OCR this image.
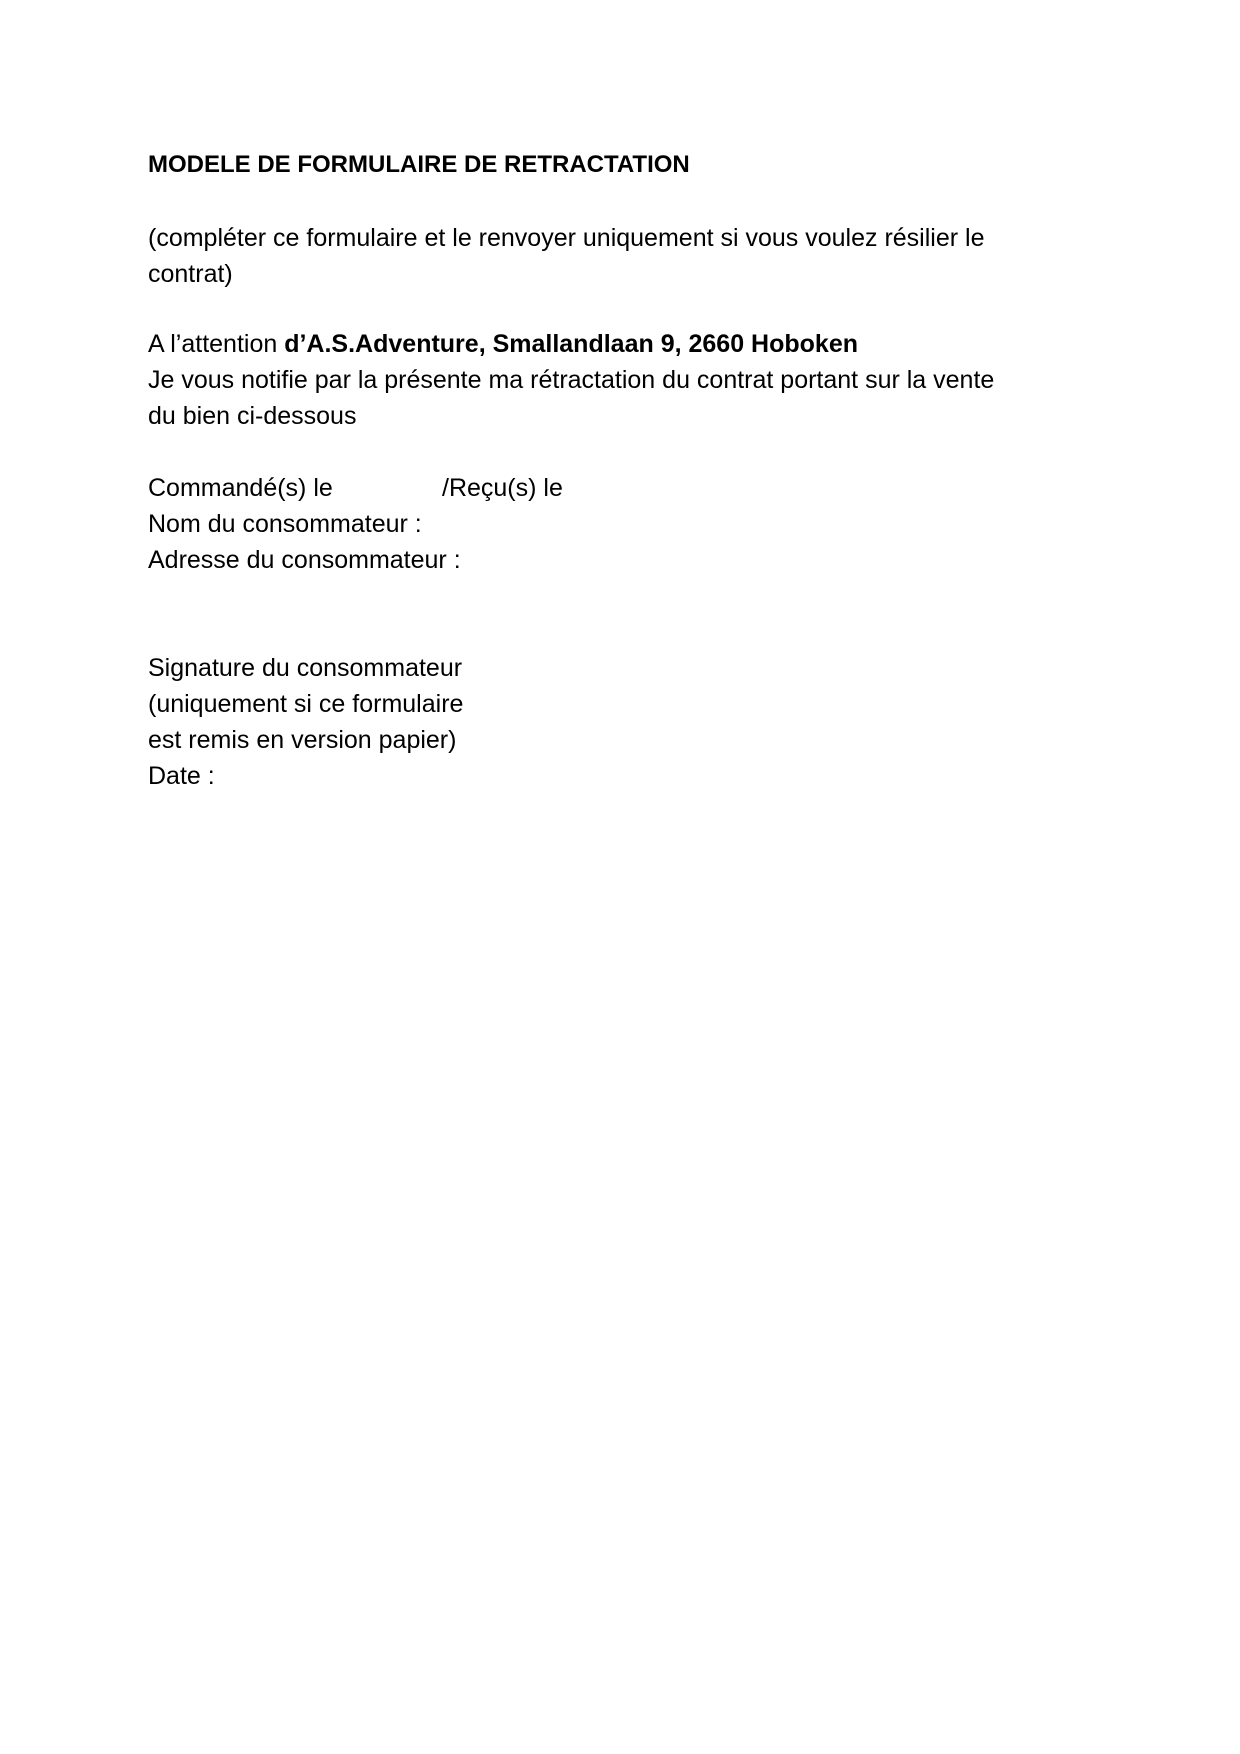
MODELE DE FORMULAIRE DE RETRACTATION
(compléter ce formulaire et le renvoyer uniquement si vous voulez résilier le
contrat)
A l’attention d’A.S.Adventure, Smallandlaan 9, 2660 Hoboken
Je vous notifie par la présente ma rétractation du contrat portant sur la vente
du bien ci-dessous
Commandé(s) le	/Reçu(s) le
Nom du consommateur :
Adresse du consommateur :
Signature du consommateur
(uniquement si ce formulaire
est remis en version papier)
Date :
